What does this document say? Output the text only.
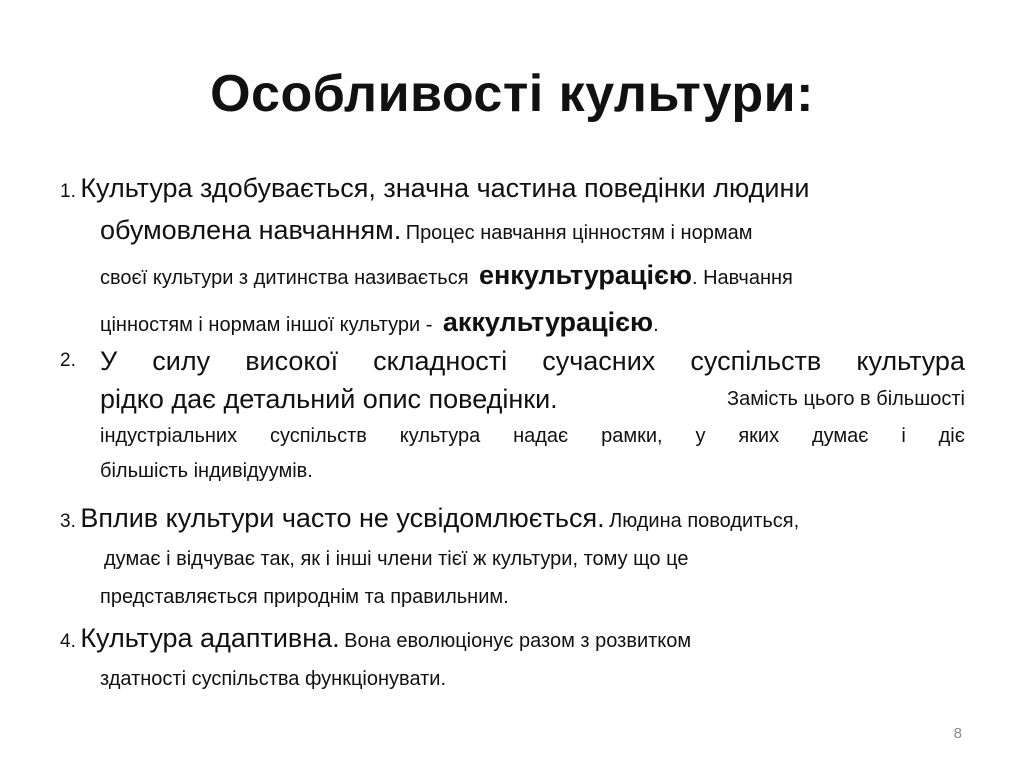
Особливості культури:
1. Культура здобувається, значна частина поведінки людини
обумовлена навчанням. Процес навчання цінностям і нормам
своєї культури з дитинства називається енкультурацією. Навчання
цінностям і нормам іншої культури - аккультурацією.
2. У силу високої складності сучасних суспільств культура
рідко дає детальний опис поведінки.	Замість цього в більшості
індустріальних суспільств культура надає рамки, у яких думає і діє
більшість індивідуумів.
3. Вплив культури часто не усвідомлюється. Людина поводиться,
думає і відчуває так, як і інші члени тієї ж культури, тому що це
представляється природнім та правильним.
4. Культура адаптивна. Вона еволюціонує разом з розвитком
здатності суспільства функціонувати.
8
